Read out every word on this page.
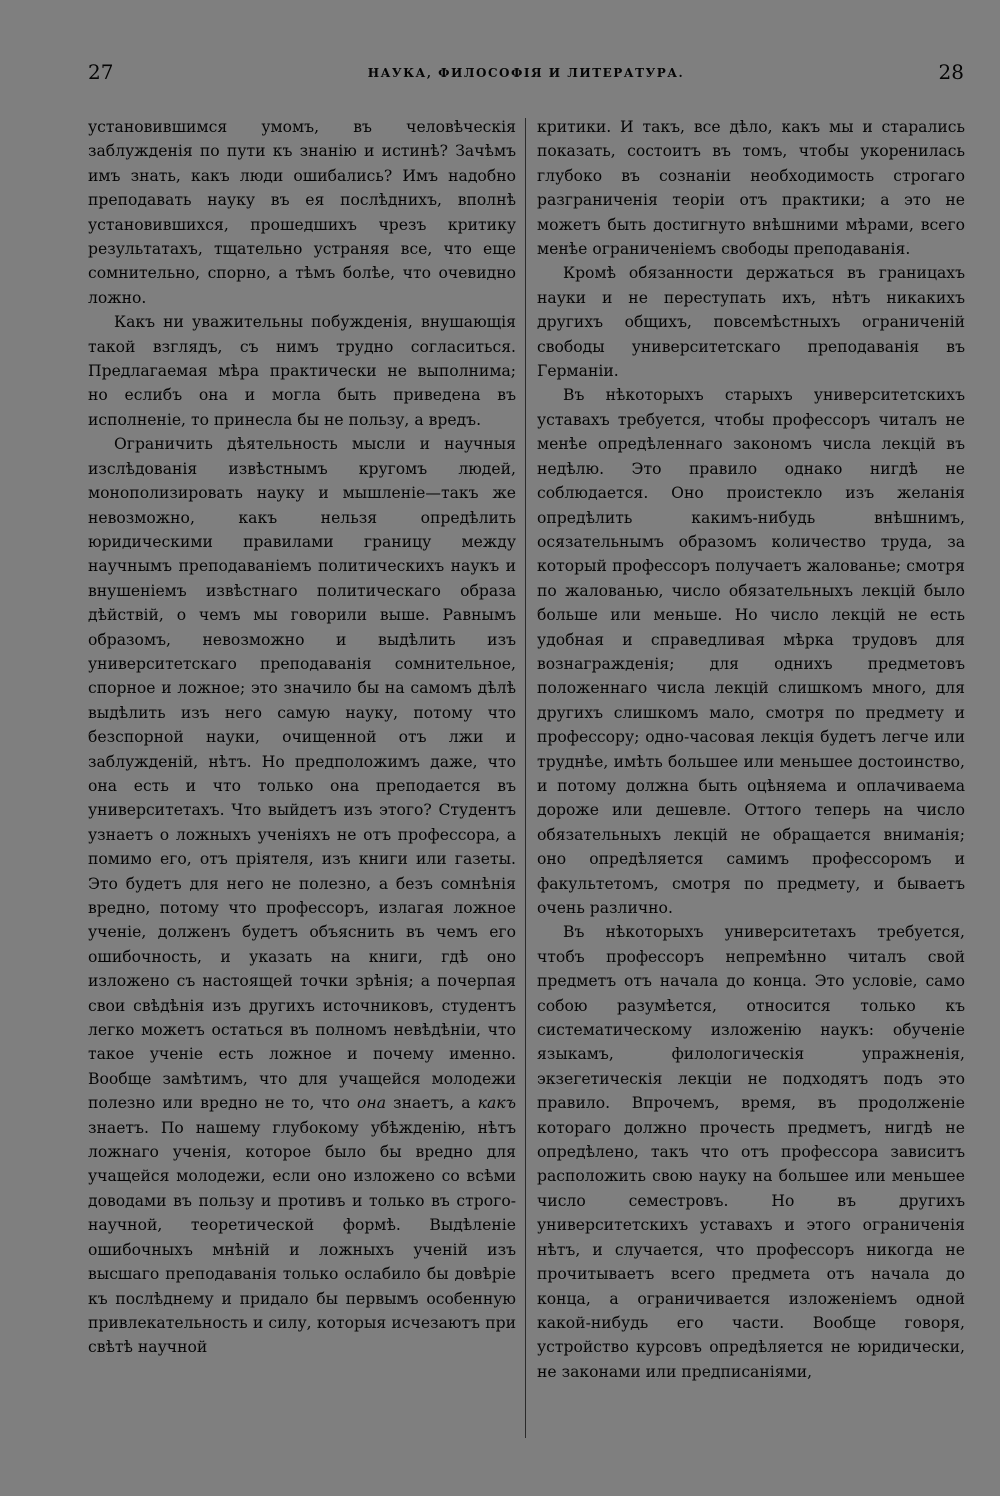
27	НАУКА, ФИЛОСОФІЯ И ЛИТЕРАТУРА.	28

установившимся умомъ, въ человѣческія заблужденія по пути къ знанію и истинѣ? Зачѣмъ имъ знать, какъ люди ошибались? Имъ надобно преподавать науку въ ея послѣднихъ, вполнѣ установившихся, прошедшихъ чрезъ критику результатахъ, тщательно устраняя все, что еще сомнительно, спорно, а тѣмъ болѣе, что очевидно ложно.

Какъ ни уважительны побужденія, внушающія такой взглядъ, съ нимъ трудно согласиться. Предлагаемая мѣра практически не выполнима; но еслибъ она и могла быть приведена въ исполненіе, то принесла бы не пользу, а вредъ.

Ограничить дѣятельность мысли и научныя изслѣдованія извѣстнымъ кругомъ людей, монополизировать науку и мышленіе—такъ же невозможно, какъ нельзя опредѣлить юридическими правилами границу между научнымъ преподаваніемъ политическихъ наукъ и внушеніемъ извѣстнаго политическаго образа дѣйствій, о чемъ мы говорили выше. Равнымъ образомъ, невозможно и выдѣлить изъ университетскаго преподаванія сомнительное, спорное и ложное; это значило бы на самомъ дѣлѣ выдѣлить изъ него самую науку, потому что безспорной науки, очищенной отъ лжи и заблужденій, нѣтъ. Но предположимъ даже, что она есть и что только она преподается въ университетахъ. Что выйдетъ изъ этого? Студентъ узнаетъ о ложныхъ ученіяхъ не отъ профессора, а помимо его, отъ пріятеля, изъ книги или газеты. Это будетъ для него не полезно, а безъ сомнѣнія вредно, потому что профессоръ, излагая ложное ученіе, долженъ будетъ объяснить въ чемъ его ошибочность, и указать на книги, гдѣ оно изложено съ настоящей точки зрѣнія; а почерпая свои свѣдѣнія изъ другихъ источниковъ, студентъ легко можетъ остаться въ полномъ невѣдѣніи, что такое ученіе есть ложное и почему именно. Вообще замѣтимъ, что для учащейся молодежи полезно или вредно не то, что она знаетъ, а какъ знаетъ. По нашему глубокому убѣжденію, нѣтъ ложнаго ученія, которое было бы вредно для учащейся молодежи, если оно изложено со всѣми доводами въ пользу и противъ и только въ строго-научной, теоретической формѣ. Выдѣленіе ошибочныхъ мнѣній и ложныхъ ученій изъ высшаго преподаванія только ослабило бы довѣріе къ послѣднему и придало бы первымъ особенную привлекательность и силу, которыя исчезаютъ при свѣтѣ научной

критики. И такъ, все дѣло, какъ мы и старались показать, состоитъ въ томъ, чтобы укоренилась глубоко въ сознаніи необходимость строгаго разграниченія теоріи отъ практики; а это не можетъ быть достигнуто внѣшними мѣрами, всего менѣе ограниченіемъ свободы преподаванія.

Кромѣ обязанности держаться въ границахъ науки и не переступать ихъ, нѣтъ никакихъ другихъ общихъ, повсемѣстныхъ ограниченій свободы университетскаго преподаванія въ Германіи.

Въ нѣкоторыхъ старыхъ университетскихъ уставахъ требуется, чтобы профессоръ читалъ не менѣе опредѣленнаго закономъ числа лекцій въ недѣлю. Это правило однако нигдѣ не соблюдается. Оно проистекло изъ желанія опредѣлить какимъ-нибудь внѣшнимъ, осязательнымъ образомъ количество труда, за который профессоръ получаетъ жалованье; смотря по жалованью, число обязательныхъ лекцій было больше или меньше. Но число лекцій не есть удобная и справедливая мѣрка трудовъ для вознагражденія; для однихъ предметовъ положеннаго числа лекцій слишкомъ много, для другихъ слишкомъ мало, смотря по предмету и профессору; одно-часовая лекція будетъ легче или труднѣе, имѣть большее или меньшее достоинство, и потому должна быть оцѣняема и оплачиваема дороже или дешевле. Оттого теперь на число обязательныхъ лекцій не обращается вниманія; оно опредѣляется самимъ профессоромъ и факультетомъ, смотря по предмету, и бываетъ очень различно.

Въ нѣкоторыхъ университетахъ требуется, чтобъ профессоръ непремѣнно читалъ свой предметъ отъ начала до конца. Это условіе, само собою разумѣется, относится только къ систематическому изложенію наукъ: обученіе языкамъ, филологическія упражненія, экзегетическія лекціи не подходятъ подъ это правило. Впрочемъ, время, въ продолженіе котораго должно прочесть предметъ, нигдѣ не опредѣлено, такъ что отъ профессора зависитъ расположить свою науку на большее или меньшее число семестровъ. Но въ другихъ университетскихъ уставахъ и этого ограниченія нѣтъ, и случается, что профессоръ никогда не прочитываетъ всего предмета отъ начала до конца, а ограничивается изложеніемъ одной какой-нибудь его части. Вообще говоря, устройство курсовъ опредѣляется не юридически, не законами или предписаніями,
